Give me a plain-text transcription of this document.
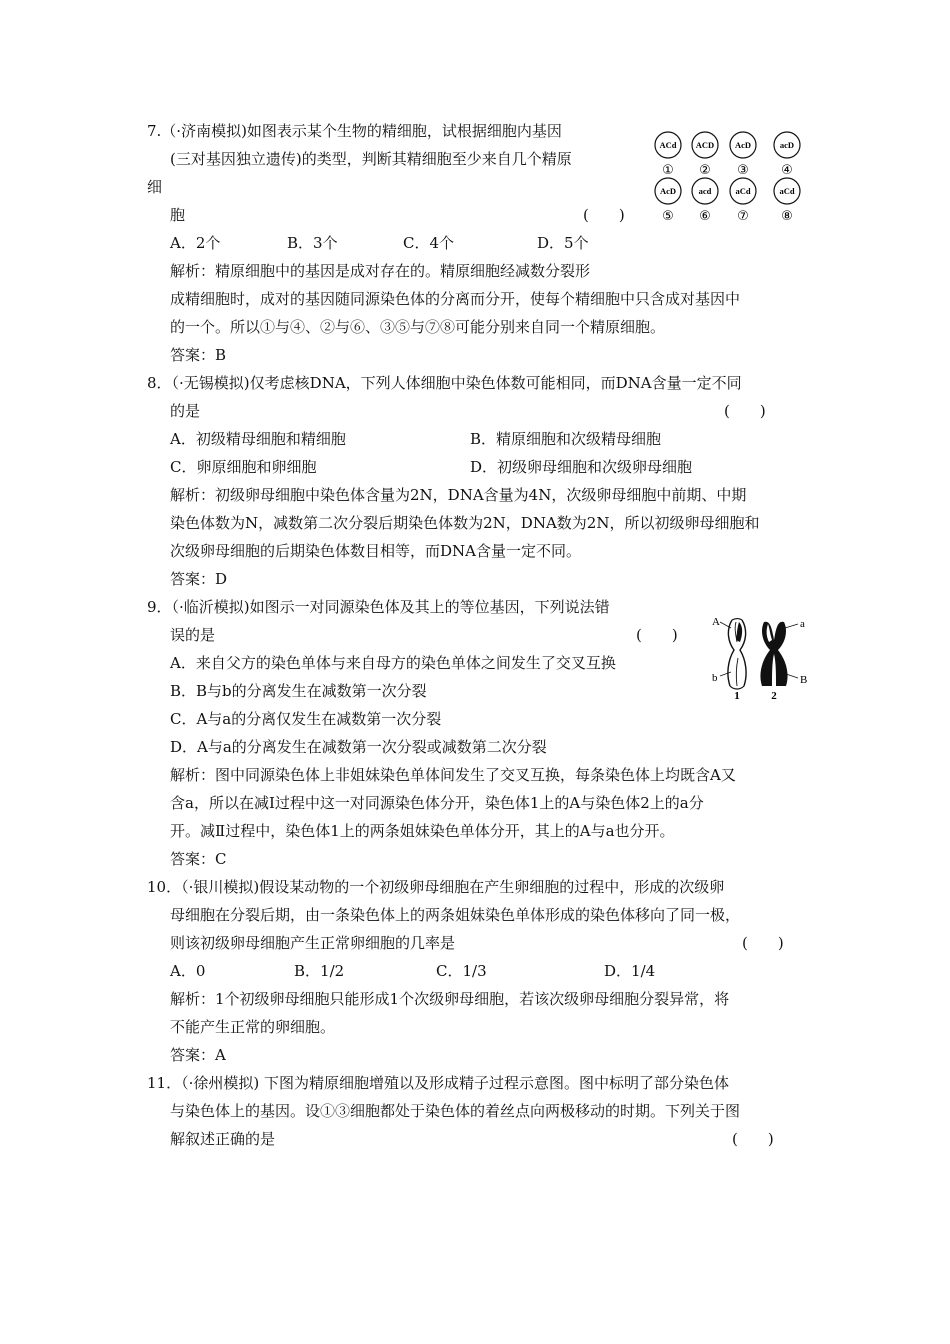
7.（·济南模拟)如图表示某个生物的精细胞，试根据细胞内基因
(三对基因独立遗传)的类型，判断其精细胞至少来自几个精原
细
胞	(　　)
A．2个	B．3个	C．4个	D．5个
解析：精原细胞中的基因是成对存在的。精原细胞经减数分裂形
成精细胞时，成对的基因随同源染色体的分离而分开，使每个精细胞中只含成对基因中
的一个。所以①与④、②与⑥、③⑤与⑦⑧可能分别来自同一个精原细胞。
答案：B
ACd
①
ACD
②
AcD
③
acD
④
AcD
⑤
acd
⑥
aCd
⑦
aCd
⑧
8．（·无锡模拟)仅考虑核DNA，下列人体细胞中染色体数可能相同，而DNA含量一定不同
的是	(　　)
A．初级精母细胞和精细胞	B．精原细胞和次级精母细胞
C．卵原细胞和卵细胞	D．初级卵母细胞和次级卵母细胞
解析：初级卵母细胞中染色体含量为2N，DNA含量为4N，次级卵母细胞中前期、中期
染色体数为N，减数第二次分裂后期染色体数为2N，DNA数为2N，所以初级卵母细胞和
次级卵母细胞的后期染色体数目相等，而DNA含量一定不同。
答案：D
9．（·临沂模拟)如图示一对同源染色体及其上的等位基因，下列说法错
误的是	(　　)
A．来自父方的染色单体与来自母方的染色单体之间发生了交叉互换
B．B与b的分离发生在减数第一次分裂
C．A与a的分离仅发生在减数第一次分裂
D．A与a的分离发生在减数第一次分裂或减数第二次分裂
解析：图中同源染色体上非姐妹染色单体间发生了交叉互换，每条染色体上均既含A又
含a，所以在减Ⅰ过程中这一对同源染色体分开，染色体1上的A与染色体2上的a分
开。减Ⅱ过程中，染色体1上的两条姐妹染色单体分开，其上的A与a也分开。
答案：C
A	a
b	B
1	2
10．（·银川模拟)假设某动物的一个初级卵母细胞在产生卵细胞的过程中，形成的次级卵
母细胞在分裂后期，由一条染色体上的两条姐妹染色单体形成的染色体移向了同一极，
则该初级卵母细胞产生正常卵细胞的几率是	(　　)
A．0	B．1/2	C．1/3	D．1/4
解析：1个初级卵母细胞只能形成1个次级卵母细胞，若该次级卵母细胞分裂异常，将
不能产生正常的卵细胞。
答案：A
11．（·徐州模拟) 下图为精原细胞增殖以及形成精子过程示意图。图中标明了部分染色体
与染色体上的基因。设①③细胞都处于染色体的着丝点向两极移动的时期。下列关于图
解叙述正确的是	(　　)
